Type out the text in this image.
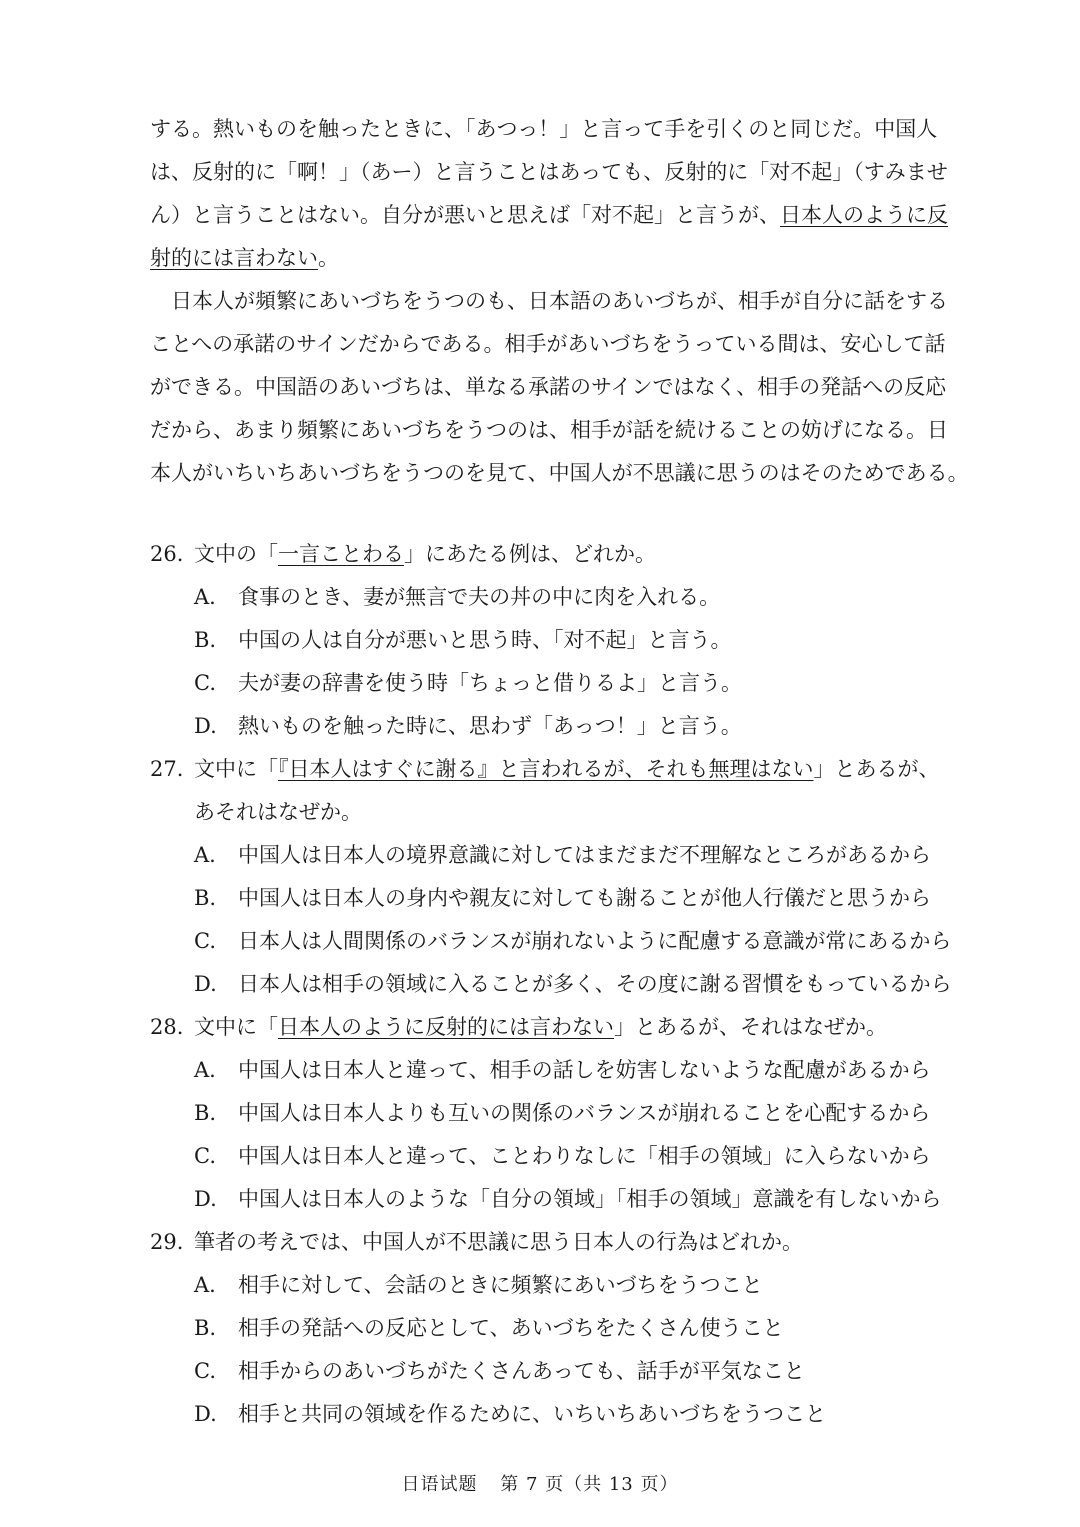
する。熱いものを触ったときに、「あつっ！」と言って手を引くのと同じだ。中国人

は、反射的に「啊！」（あー）と言うことはあっても、反射的に「对不起」（すみませ

ん）と言うことはない。自分が悪いと思えば「对不起」と言うが、日本人のように反

射的には言わない。

日本人が頻繁にあいづちをうつのも、日本語のあいづちが、相手が自分に話をする

ことへの承諾のサインだからである。相手があいづちをうっている間は、安心して話

ができる。中国語のあいづちは、単なる承諾のサインではなく、相手の発話への反応

だから、あまり頻繁にあいづちをうつのは、相手が話を続けることの妨げになる。日

本人がいちいちあいづちをうつのを見て、中国人が不思議に思うのはそのためである。

26. 文中の「一言ことわる」にあたる例は、どれか。

A.	食事のとき、妻が無言で夫の丼の中に肉を入れる。

B.	中国の人は自分が悪いと思う時、「对不起」と言う。

C.	夫が妻の辞書を使う時「ちょっと借りるよ」と言う。

D.	熱いものを触った時に、思わず「あっつ！」と言う。

27. 文中に「『日本人はすぐに謝る』と言われるが、それも無理はない」とあるが、

あそれはなぜか。

A.	中国人は日本人の境界意識に対してはまだまだ不理解なところがあるから

B.	中国人は日本人の身内や親友に対しても謝ることが他人行儀だと思うから

C.	日本人は人間関係のバランスが崩れないように配慮する意識が常にあるから

D.	日本人は相手の領域に入ることが多く、その度に謝る習慣をもっているから

28. 文中に「日本人のように反射的には言わない」とあるが、それはなぜか。

A.	中国人は日本人と違って、相手の話しを妨害しないような配慮があるから

B.	中国人は日本人よりも互いの関係のバランスが崩れることを心配するから

C.	中国人は日本人と違って、ことわりなしに「相手の領域」に入らないから

D.	中国人は日本人のような「自分の領域」「相手の領域」意識を有しないから

29. 筆者の考えでは、中国人が不思議に思う日本人の行為はどれか。

A.	相手に対して、会話のときに頻繁にあいづちをうつこと

B.	相手の発話への反応として、あいづちをたくさん使うこと

C.	相手からのあいづちがたくさんあっても、話手が平気なこと

D.	相手と共同の領域を作るために、いちいちあいづちをうつこと

日语试题 第 7 页（共 13 页）
